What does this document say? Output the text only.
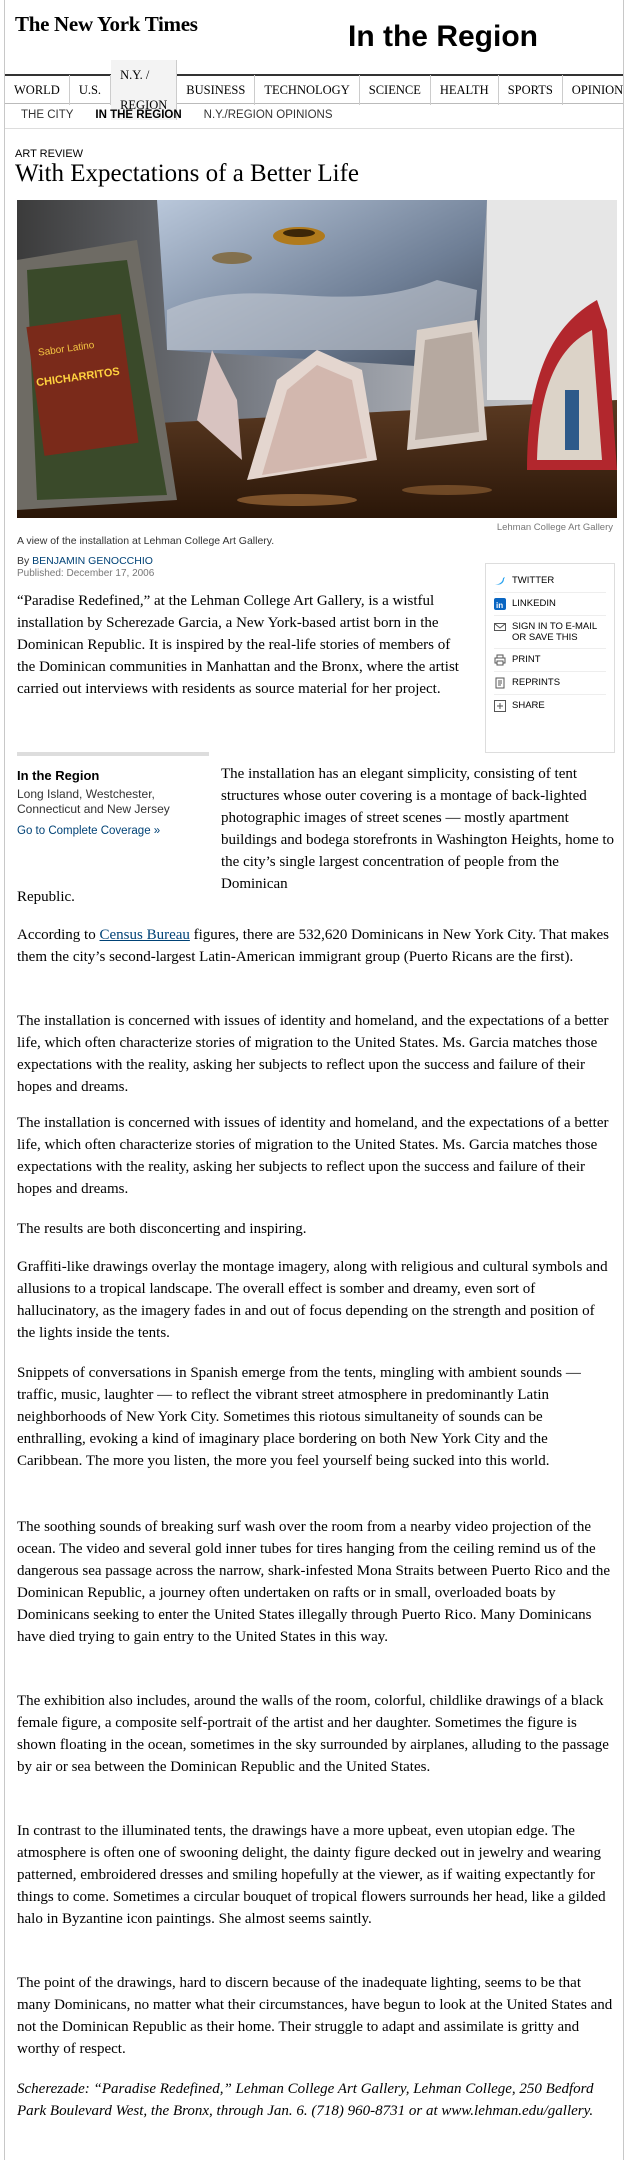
The New York Times	In the Region
WORLD	U.S.
N.Y. / REGION
BUSINESS	TECHNOLOGY	SCIENCE	HEALTH	SPORTS	OPINION
THE CITY IN THE REGION N.Y./REGION OPINIONS
ART REVIEW
With Expectations of a Better Life
Sabor Latino
CHICHARRITOS
Lehman College Art Gallery
A view of the installation at Lehman College Art Gallery.
By BENJAMIN GENOCCHIO
Published: December 17, 2006
TWITTER
in LINKEDIN
SIGN IN TO E-MAIL OR SAVE THIS
PRINT
REPRINTS
SHARE

“Paradise Redefined,” at the Lehman College Art Gallery, is a wistful installation by Scherezade Garcia, a New York-based artist born in the Dominican Republic. It is inspired by the real-life stories of members of the Dominican communities in Manhattan and the Bronx, where the artist carried out interviews with residents as source material for her project.

In the Region
Long Island, Westchester, Connecticut and New Jersey
Go to Complete Coverage »

The installation has an elegant simplicity, consisting of tent structures whose outer covering is a montage of back-lighted photographic images of street scenes — mostly apartment buildings and bodega storefronts in Washington Heights, home to the city’s single largest concentration of people from the Dominican

Republic.

According to Census Bureau figures, there are 532,620 Dominicans in New York City. That makes them the city’s second-largest Latin-American immigrant group (Puerto Ricans are the first).

The installation is concerned with issues of identity and homeland, and the expectations of a better life, which often characterize stories of migration to the United States. Ms. Garcia matches those expectations with the reality, asking her subjects to reflect upon the success and failure of their hopes and dreams.

The installation is concerned with issues of identity and homeland, and the expectations of a better life, which often characterize stories of migration to the United States. Ms. Garcia matches those expectations with the reality, asking her subjects to reflect upon the success and failure of their hopes and dreams.

The results are both disconcerting and inspiring.

Graffiti-like drawings overlay the montage imagery, along with religious and cultural symbols and allusions to a tropical landscape. The overall effect is somber and dreamy, even sort of hallucinatory, as the imagery fades in and out of focus depending on the strength and position of the lights inside the tents.

Snippets of conversations in Spanish emerge from the tents, mingling with ambient sounds — traffic, music, laughter — to reflect the vibrant street atmosphere in predominantly Latin neighborhoods of New York City. Sometimes this riotous simultaneity of sounds can be enthralling, evoking a kind of imaginary place bordering on both New York City and the Caribbean. The more you listen, the more you feel yourself being sucked into this world.

The soothing sounds of breaking surf wash over the room from a nearby video projection of the ocean. The video and several gold inner tubes for tires hanging from the ceiling remind us of the dangerous sea passage across the narrow, shark-infested Mona Straits between Puerto Rico and the Dominican Republic, a journey often undertaken on rafts or in small, overloaded boats by Dominicans seeking to enter the United States illegally through Puerto Rico. Many Dominicans have died trying to gain entry to the United States in this way.

The exhibition also includes, around the walls of the room, colorful, childlike drawings of a black female figure, a composite self-portrait of the artist and her daughter. Sometimes the figure is shown floating in the ocean, sometimes in the sky surrounded by airplanes, alluding to the passage by air or sea between the Dominican Republic and the United States.

In contrast to the illuminated tents, the drawings have a more upbeat, even utopian edge. The atmosphere is often one of swooning delight, the dainty figure decked out in jewelry and wearing patterned, embroidered dresses and smiling hopefully at the viewer, as if waiting expectantly for things to come. Sometimes a circular bouquet of tropical flowers surrounds her head, like a gilded halo in Byzantine icon paintings. She almost seems saintly.

The point of the drawings, hard to discern because of the inadequate lighting, seems to be that many Dominicans, no matter what their circumstances, have begun to look at the United States and not the Dominican Republic as their home. Their struggle to adapt and assimilate is gritty and worthy of respect.

Scherezade: “Paradise Redefined,” Lehman College Art Gallery, Lehman College, 250 Bedford Park Boulevard West, the Bronx, through Jan. 6. (718) 960-8731 or at www.lehman.edu/gallery.
